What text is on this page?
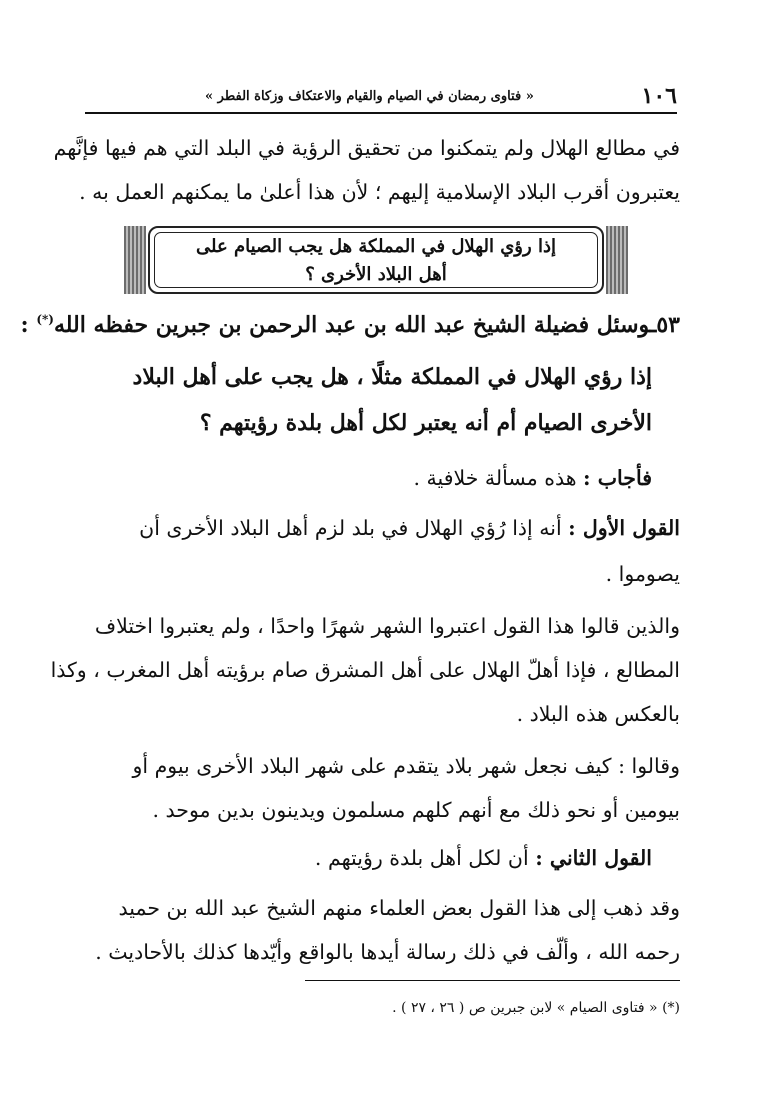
١٠٦
« فتاوى رمضان في الصيام والقيام والاعتكاف وزكاة الفطر »
في مطالع الهلال ولم يتمكنوا من تحقيق الرؤية في البلد التي هم فيها فإنَّهم
يعتبرون أقرب البلاد الإسلامية إليهم ؛ لأن هذا أعلىٰ ما يمكنهم العمل به .
إذا رؤي الهلال في المملكة هل يجب الصيام على
أهل البلاد الأخرى ؟
٥٣ـوسئل فضيلة الشيخ عبد الله بن عبد الرحمن بن جبرين حفظه الله(*) :
إذا رؤي الهلال في المملكة مثلًا ، هل يجب على أهل البلاد
الأخرى الصيام أم أنه يعتبر لكل أهل بلدة رؤيتهم ؟
فأجاب : هذه مسألة خلافية .
القول الأول : أنه إذا رُؤي الهلال في بلد لزم أهل البلاد الأخرى أن
يصوموا .
والذين قالوا هذا القول اعتبروا الشهر شهرًا واحدًا ، ولم يعتبروا اختلاف
المطالع ، فإذا أهلّ الهلال على أهل المشرق صام برؤيته أهل المغرب ، وكذا
بالعكس هذه البلاد .
وقالوا : كيف نجعل شهر بلاد يتقدم على شهر البلاد الأخرى بيوم أو
بيومين أو نحو ذلك مع أنهم كلهم مسلمون ويدينون بدين موحد .
القول الثاني : أن لكل أهل بلدة رؤيتهم .
وقد ذهب إلى هذا القول بعض العلماء منهم الشيخ عبد الله بن حميد
رحمه الله ، وألّف في ذلك رسالة أيدها بالواقع وأيّدها كذلك بالأحاديث .
(*) « فتاوى الصيام » لابن جبرين ص ( ٢٦ ، ٢٧ ) .
